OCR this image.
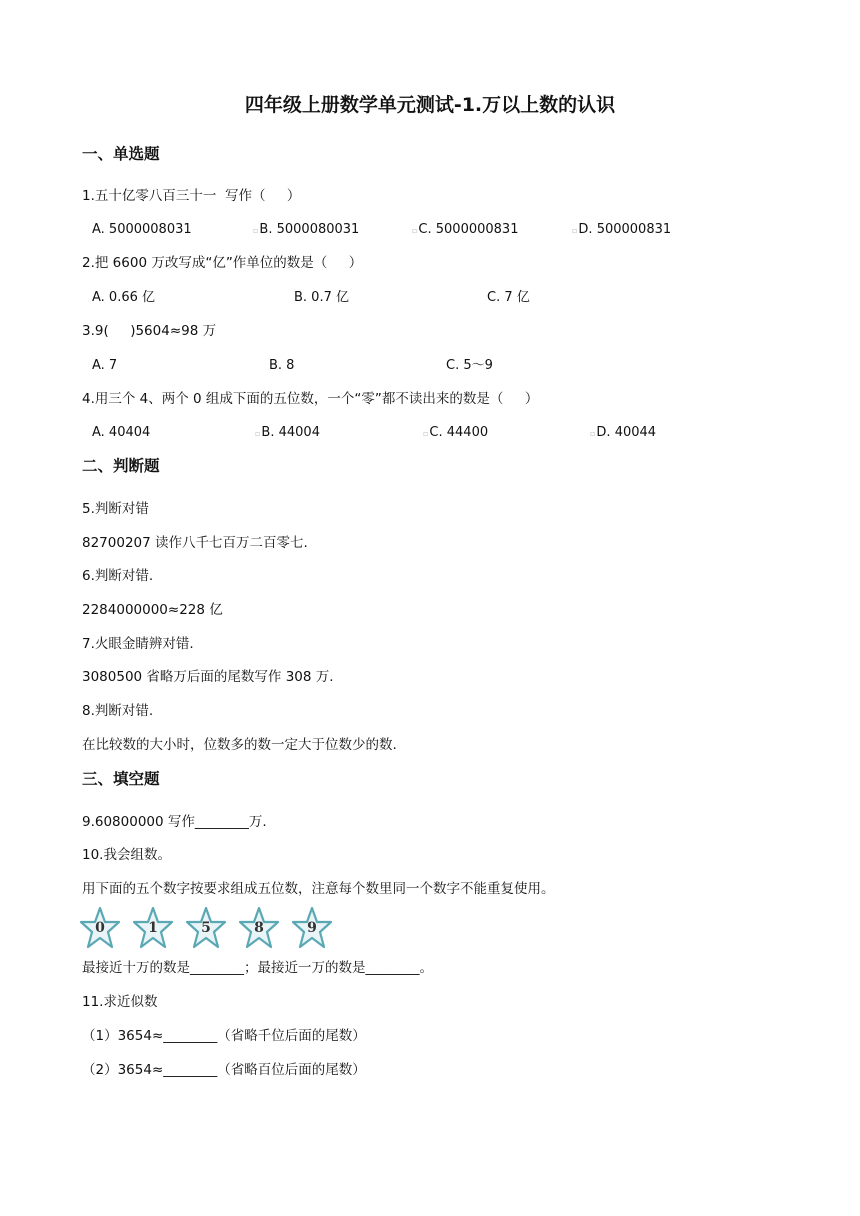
四年级上册数学单元测试-1.万以上数的认识
一、单选题
1.五十亿零八百三十一  写作（     ）
A. 5000008031	▫B. 5000080031	▫C. 5000000831	▫D. 500000831
2.把 6600 万改写成“亿”作单位的数是（     ）
A. 0.66 亿	B. 0.7 亿	C. 7 亿
3.9(     )5604≈98 万
A. 7	B. 8	C. 5～9
4.用三个 4、两个 0 组成下面的五位数，一个“零”都不读出来的数是（     ）
A. 40404	▫B. 44004	▫C. 44400	▫D. 40044
二、判断题
5.判断对错
82700207 读作八千七百万二百零七.
6.判断对错.
2284000000≈228 亿
7.火眼金睛辨对错.
3080500 省略万后面的尾数写作 308 万.
8.判断对错.
在比较数的大小时，位数多的数一定大于位数少的数.
三、填空题
9.60800000 写作________万.
10.我会组数。
用下面的五个数字按要求组成五位数，注意每个数里同一个数字不能重复使用。
0	1	5	8	9
最接近十万的数是________；最接近一万的数是________。
11.求近似数
（1）3654≈________（省略千位后面的尾数）
（2）3654≈________（省略百位后面的尾数）
